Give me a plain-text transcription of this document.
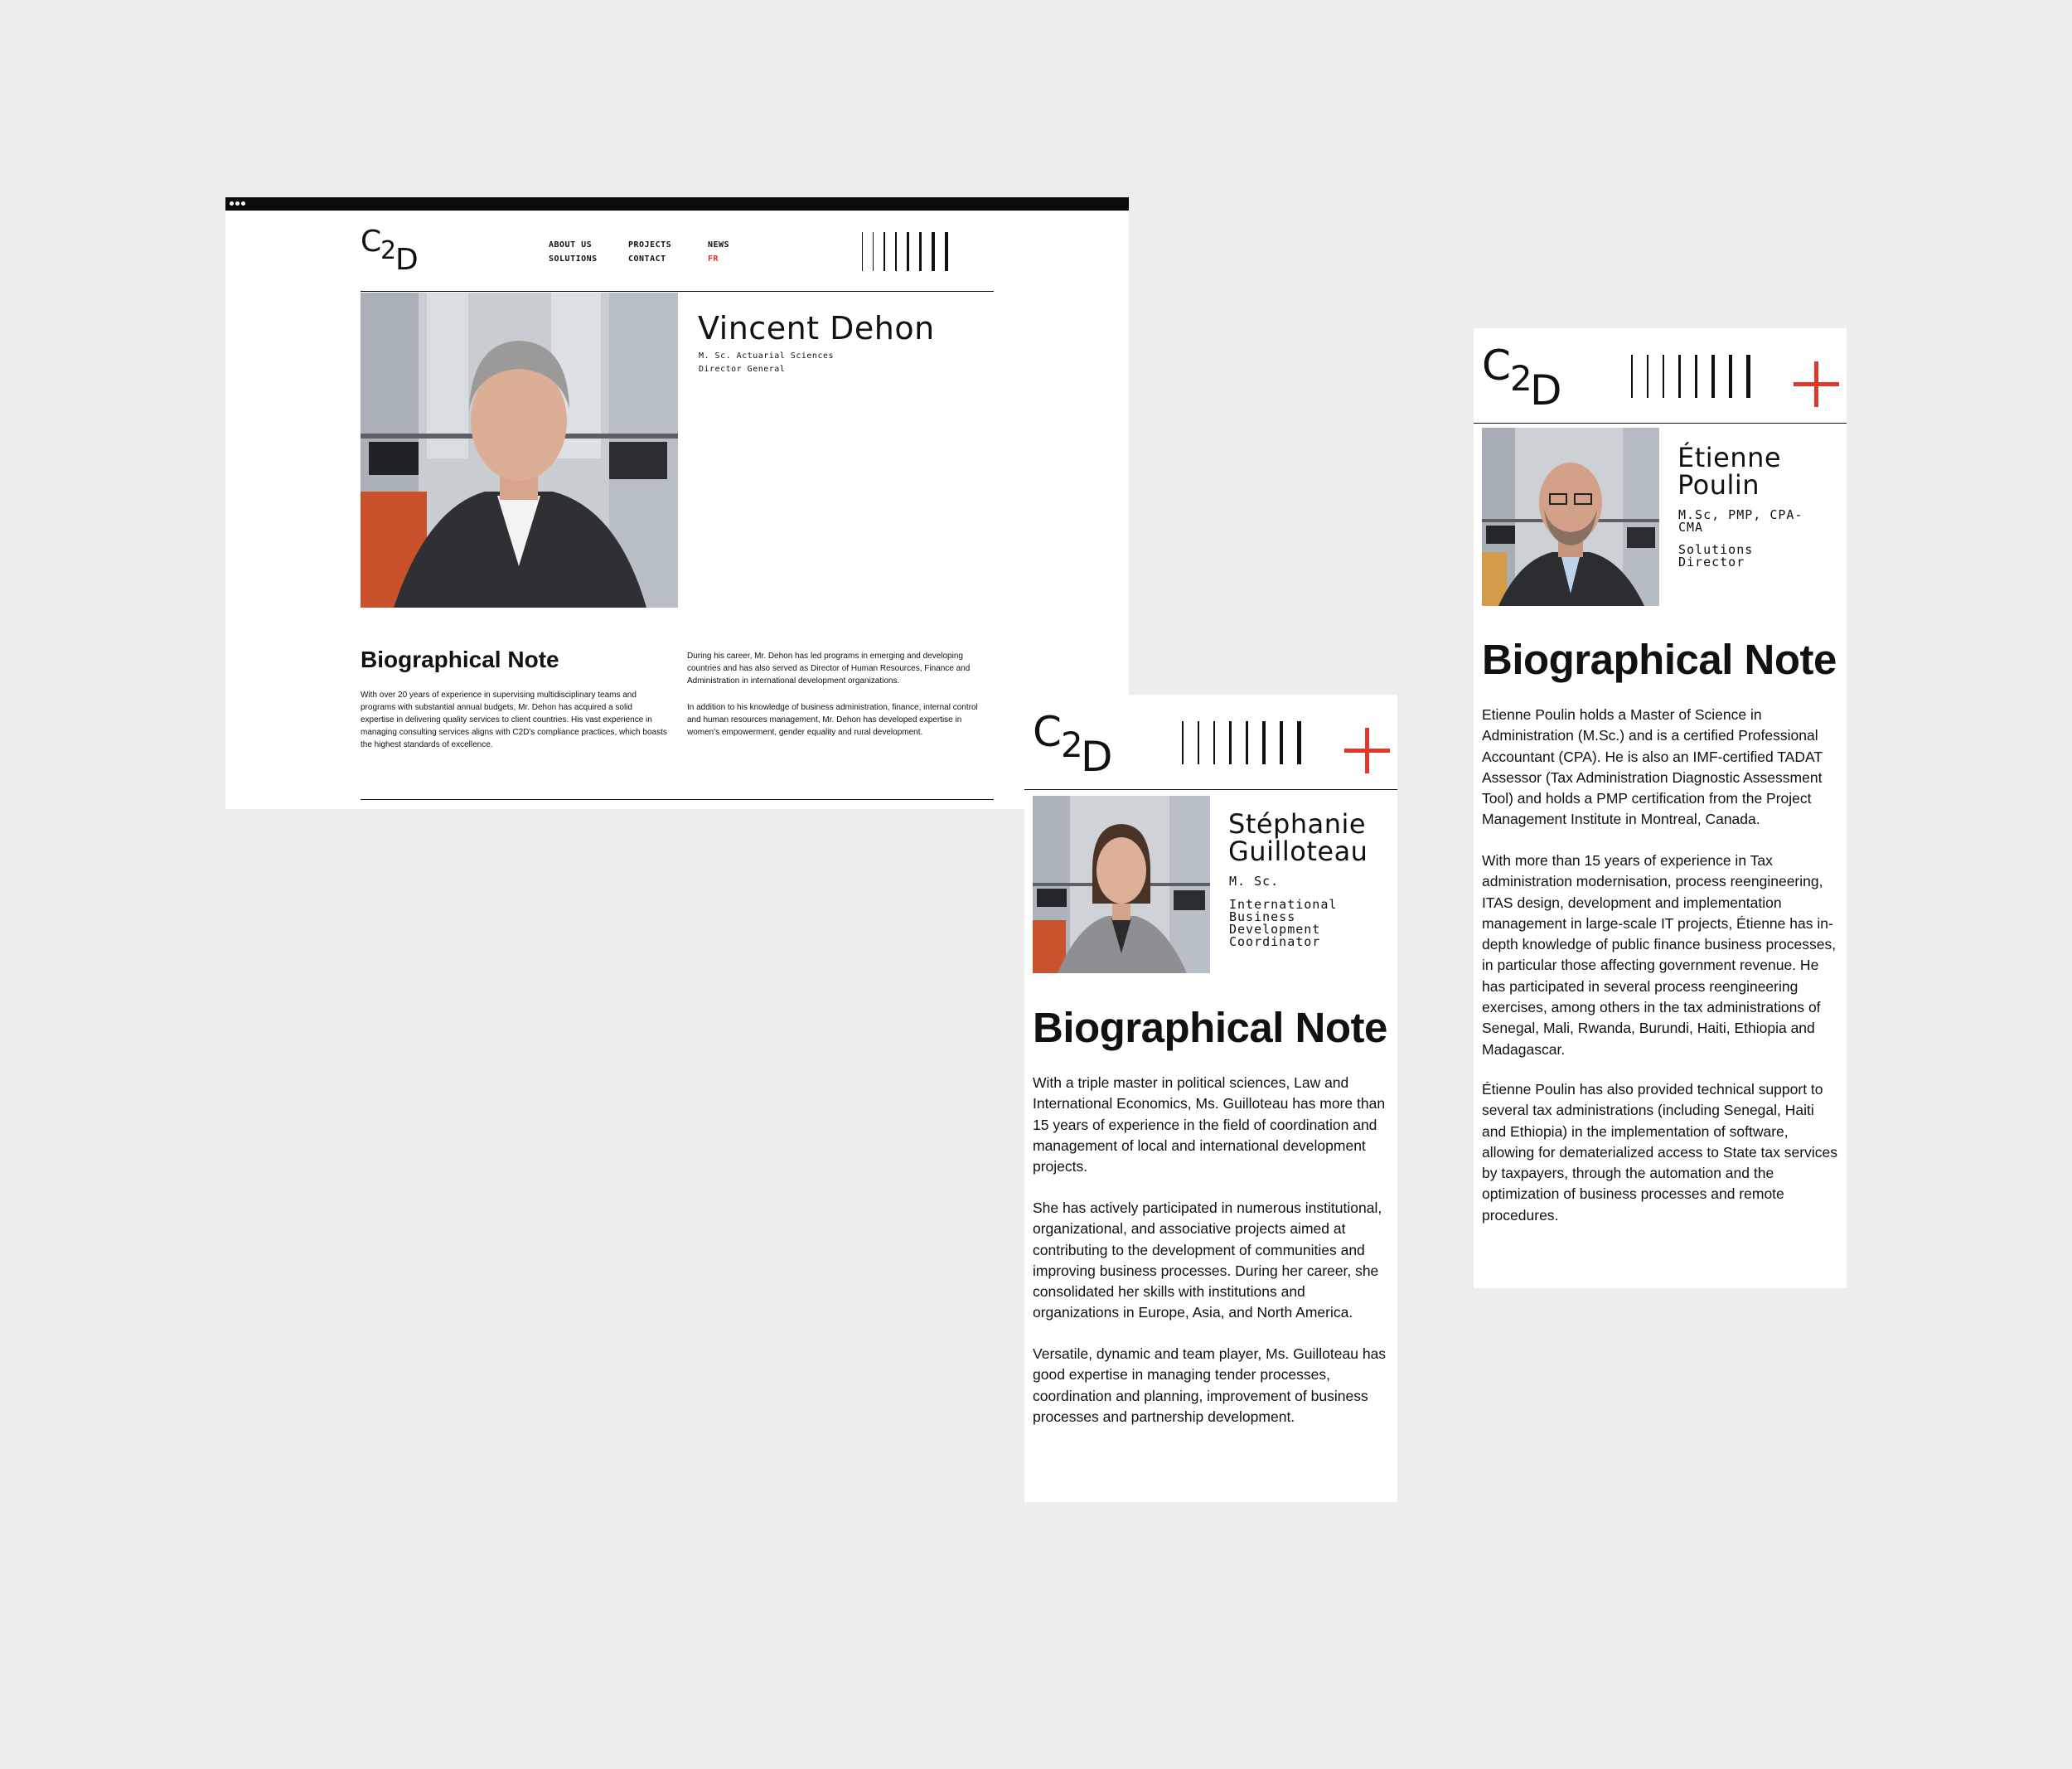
C
2
D	ABOUT US	PROJECTS	NEWS
SOLUTIONS	CONTACT	FR
Vincent Dehon
M. Sc. Actuarial Sciences
Director General
Biographical Note
With over 20 years of experience in supervising multidisciplinary teams and programs with substantial annual budgets, Mr. Dehon has acquired a solid expertise in delivering quality services to client countries. His vast experience in managing consulting services aligns with C2D's compliance practices, which boasts the highest standards of excellence.
During his career, Mr. Dehon has led programs in emerging and developing countries and has also served as Director of Human Resources, Finance and Administration in international development organizations.
In addition to his knowledge of business administration, finance, internal control and human resources management, Mr. Dehon has developed expertise in women's empowerment, gender equality and rural development.
C 2
D
Étienne
Poulin
M.Sc, PMP, CPA-
CMA
Solutions
Director
Biographical Note
Etienne Poulin holds a Master of Science in Administration (M.Sc.) and is a certified Professional Accountant (CPA). He is also an IMF-certified TADAT Assessor (Tax Administration Diagnostic Assessment Tool) and holds a PMP certification from the Project Management Institute in Montreal, Canada.
With more than 15 years of experience in Tax administration modernisation, process reengineering, ITAS design, development and implementation management in large-scale IT projects, Étienne has in-depth knowledge of public finance business processes, in particular those affecting government revenue. He has participated in several process reengineering exercises, among others in the tax administrations of Senegal, Mali, Rwanda, Burundi, Haiti, Ethiopia and Madagascar.
Étienne Poulin has also provided technical support to several tax administrations (including Senegal, Haiti and Ethiopia) in the implementation of software, allowing for dematerialized access to State tax services by taxpayers, through the automation and the optimization of business processes and remote procedures.
C 2
D
Stéphanie
Guilloteau
M. Sc.
International
Business
Development
Coordinator
Biographical Note
With a triple master in political sciences, Law and International Economics, Ms. Guilloteau has more than 15 years of experience in the field of coordination and management of local and international development projects.
She has actively participated in numerous institutional, organizational, and associative projects aimed at contributing to the development of communities and improving business processes. During her career, she consolidated her skills with institutions and organizations in Europe, Asia, and North America.
Versatile, dynamic and team player, Ms. Guilloteau has good expertise in managing tender processes, coordination and planning, improvement of business processes and partnership development.
